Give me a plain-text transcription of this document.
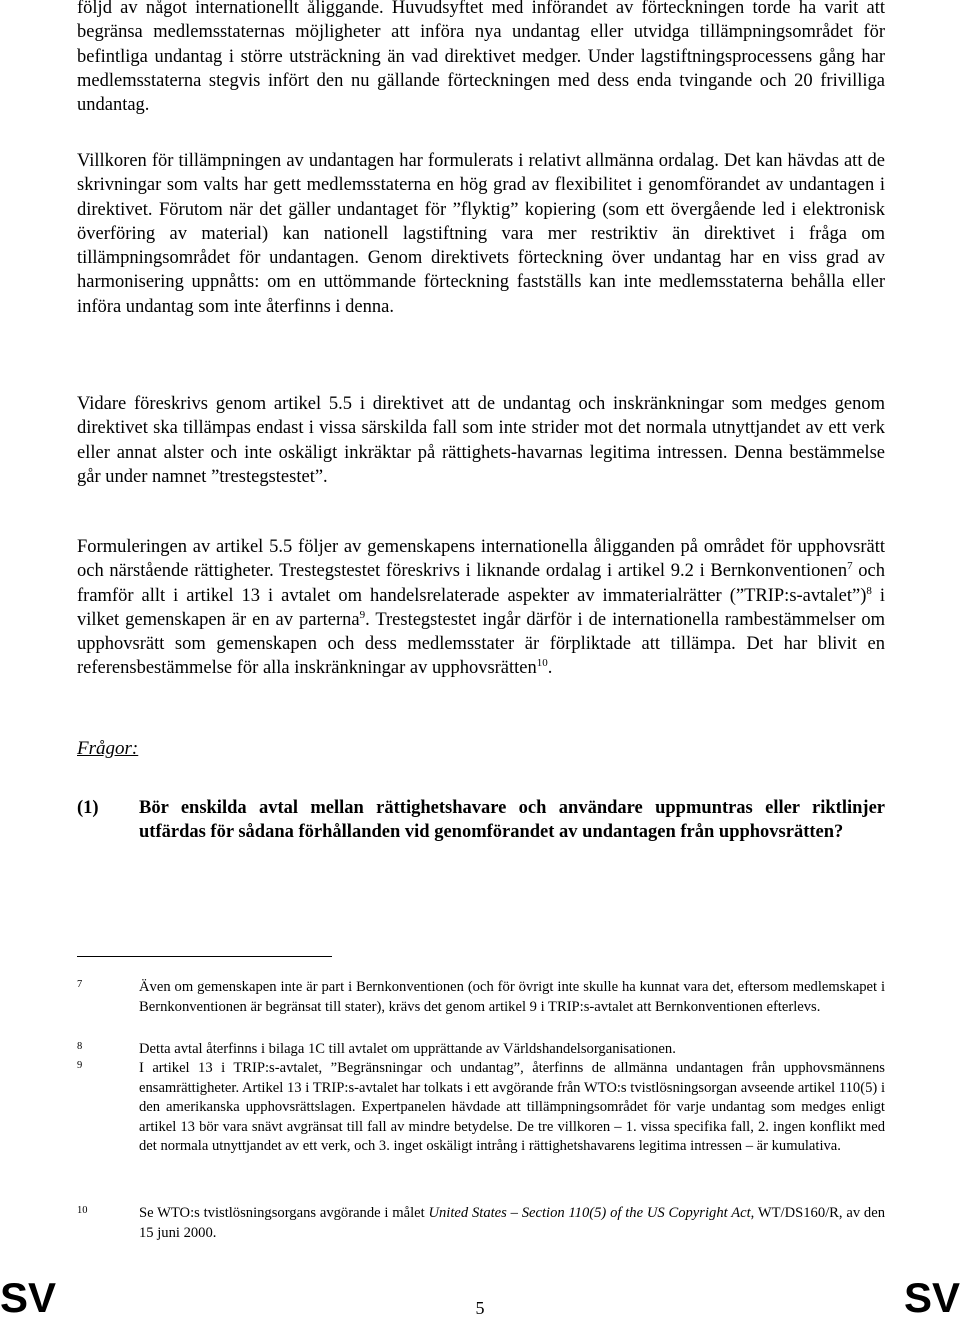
följd av något internationellt åliggande. Huvudsyftet med införandet av förteckningen torde ha varit att begränsa medlemsstaternas möjligheter att införa nya undantag eller utvidga tillämpningsområdet för befintliga undantag i större utsträckning än vad direktivet medger. Under lagstiftningsprocessens gång har medlemsstaterna stegvis infört den nu gällande förteckningen med dess enda tvingande och 20 frivilliga undantag.

Villkoren för tillämpningen av undantagen har formulerats i relativt allmänna ordalag. Det kan hävdas att de skrivningar som valts har gett medlemsstaterna en hög grad av flexibilitet i genomförandet av undantagen i direktivet. Förutom när det gäller undantaget för ”flyktig” kopiering (som ett övergående led i elektronisk överföring av material) kan nationell lagstiftning vara mer restriktiv än direktivet i fråga om tillämpningsområdet för undantagen. Genom direktivets förteckning över undantag har en viss grad av harmonisering uppnåtts: om en uttömmande förteckning fastställs kan inte medlemsstaterna behålla eller införa undantag som inte återfinns i denna.

Vidare föreskrivs genom artikel 5.5 i direktivet att de undantag och inskränkningar som medges genom direktivet ska tillämpas endast i vissa särskilda fall som inte strider mot det normala utnyttjandet av ett verk eller annat alster och inte oskäligt inkräktar på rättighets-havarnas legitima intressen. Denna bestämmelse går under namnet ”trestegstestet”.

Formuleringen av artikel 5.5 följer av gemenskapens internationella åligganden på området för upphovsrätt och närstående rättigheter. Trestegstestet föreskrivs i liknande ordalag i artikel 9.2 i Bernkonventionen$^7$ och framför allt i artikel 13 i avtalet om handelsrelaterade aspekter av immaterialrätter (”TRIP:s-avtalet”)$^8$ i vilket gemenskapen är en av parterna$^9$. Trestegstestet ingår därför i de internationella rambestämmelser om upphovsrätt som gemenskapen och dess medlemsstater är förpliktade att tillämpa. Det har blivit en referensbestämmelse för alla inskränkningar av upphovsrätten$^{10}$.

Frågor:
(1)	Bör enskilda avtal mellan rättighetshavare och användare uppmuntras eller riktlinjer utfärdas för sådana förhållanden vid genomförandet av undantagen från upphovsrätten?
7	Även om gemenskapen inte är part i Bernkonventionen (och för övrigt inte skulle ha kunnat vara det, eftersom medlemskapet i Bernkonventionen är begränsat till stater), krävs det genom artikel 9 i TRIP:s-avtalet att Bernkonventionen efterlevs.
8	Detta avtal återfinns i bilaga 1C till avtalet om upprättande av Världshandelsorganisationen.
9	I artikel 13 i TRIP:s-avtalet, ”Begränsningar och undantag”, återfinns de allmänna undantagen från upphovsmännens ensamrättigheter. Artikel 13 i TRIP:s-avtalet har tolkats i ett avgörande från WTO:s tvistlösningsorgan avseende artikel 110(5) i den amerikanska upphovsrättslagen. Expertpanelen hävdade att tillämpningsområdet för varje undantag som medges enligt artikel 13 bör vara snävt avgränsat till fall av mindre betydelse. De tre villkoren – 1. vissa specifika fall, 2. ingen konflikt med det normala utnyttjandet av ett verk, och 3. inget oskäligt intrång i rättighetshavarens legitima intressen – är kumulativa.
10	Se WTO:s tvistlösningsorgans avgörande i målet United States – Section 110(5) of the US Copyright Act, WT/DS160/R, av den 15 juni 2000.
SV	5	SV
